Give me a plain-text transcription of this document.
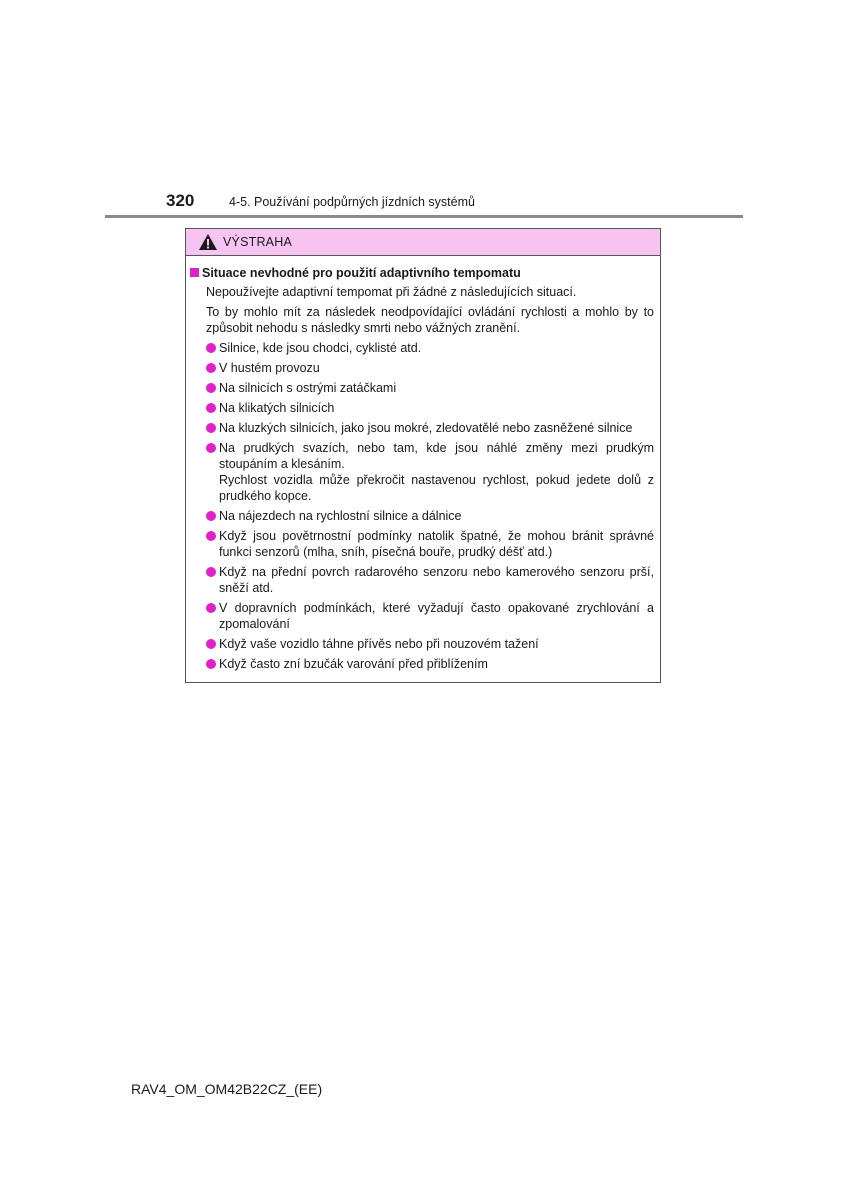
320	4-5. Používání podpůrných jízdních systémů
VÝSTRAHA
Situace nevhodné pro použití adaptivního tempomatu
Nepoužívejte adaptivní tempomat při žádné z následujících situací.
To by mohlo mít za následek neodpovídající ovládání rychlosti a mohlo by to způsobit nehodu s následky smrti nebo vážných zranění.
Silnice, kde jsou chodci, cyklisté atd.
V hustém provozu
Na silnicích s ostrými zatáčkami
Na klikatých silnicích
Na kluzkých silnicích, jako jsou mokré, zledovatělé nebo zasněžené silnice
Na prudkých svazích, nebo tam, kde jsou náhlé změny mezi prudkým stoupáním a klesáním.
Rychlost vozidla může překročit nastavenou rychlost, pokud jedete dolů z prudkého kopce.
Na nájezdech na rychlostní silnice a dálnice
Když jsou povětrnostní podmínky natolik špatné, že mohou bránit správné funkci senzorů (mlha, sníh, písečná bouře, prudký déšť atd.)
Když na přední povrch radarového senzoru nebo kamerového senzoru prší, sněží atd.
V dopravních podmínkách, které vyžadují často opakované zrychlování a zpomalování
Když vaše vozidlo táhne přívěs nebo při nouzovém tažení
Když často zní bzučák varování před přiblížením
RAV4_OM_OM42B22CZ_(EE)
